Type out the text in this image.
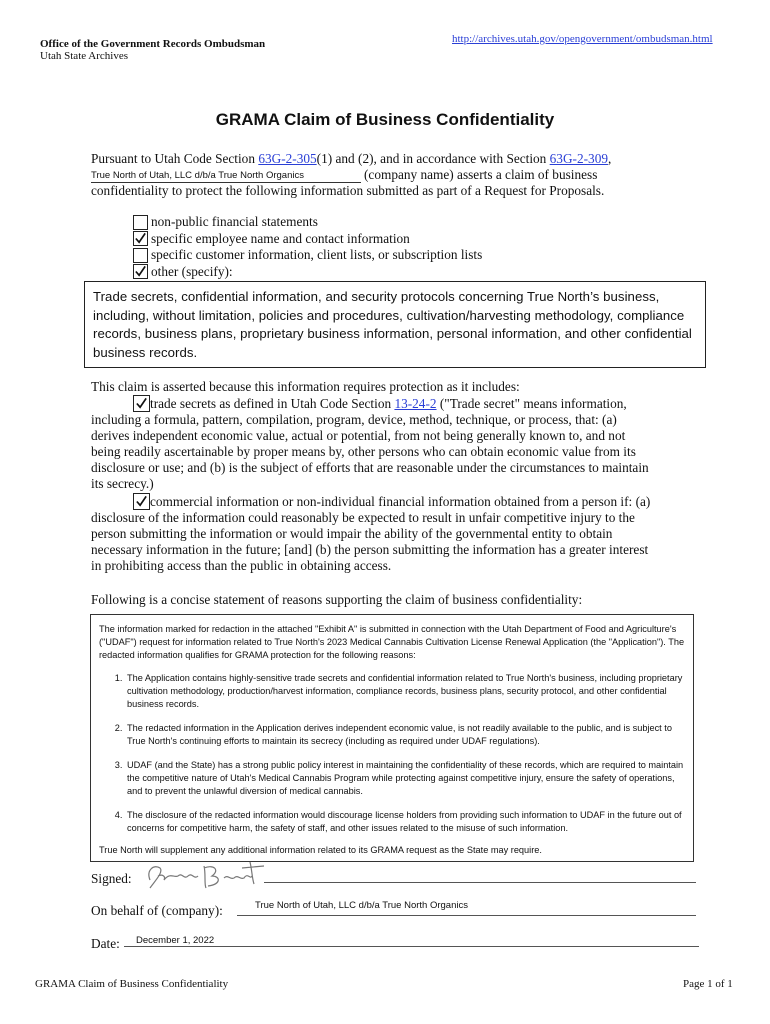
Office of the Government Records Ombudsman
Utah State Archives
http://archives.utah.gov/opengovernment/ombudsman.html
GRAMA Claim of Business Confidentiality
Pursuant to Utah Code Section 63G-2-305(1) and (2), and in accordance with Section 63G-2-309,
True North of Utah, LLC d/b/a True North Organics	(company name) asserts a claim of business
confidentiality to protect the following information submitted as part of a Request for Proposals.
non-public financial statements
specific employee name and contact information
specific customer information, client lists, or subscription lists
other (specify):
Trade secrets, confidential information, and security protocols concerning True North’s business, including, without limitation, policies and procedures, cultivation/harvesting methodology, compliance records, business plans, proprietary business information, personal information, and other confidential business records.
This claim is asserted because this information requires protection as it includes:
trade secrets as defined in Utah Code Section 13-24-2 ("Trade secret" means information,
including a formula, pattern, compilation, program, device, method, technique, or process, that: (a)
derives independent economic value, actual or potential, from not being generally known to, and not
being readily ascertainable by proper means by, other persons who can obtain economic value from its
disclosure or use; and (b) is the subject of efforts that are reasonable under the circumstances to maintain
its secrecy.)
commercial information or non-individual financial information obtained from a person if: (a)
disclosure of the information could reasonably be expected to result in unfair competitive injury to the
person submitting the information or would impair the ability of the governmental entity to obtain
necessary information in the future; [and] (b) the person submitting the information has a greater interest
in prohibiting access than the public in obtaining access.
Following is a concise statement of reasons supporting the claim of business confidentiality:

The information marked for redaction in the attached "Exhibit A" is submitted in connection with the Utah Department of Food and Agriculture's ("UDAF") request for information related to True North's 2023 Medical Cannabis Cultivation License Renewal Application (the "Application"). The redacted information qualifies for GRAMA protection for the following reasons:

1. The Application contains highly-sensitive trade secrets and confidential information related to True North's business, including proprietary cultivation methodology, production/harvest information, compliance records, business plans, security protocol, and other confidential business records.
2. The redacted information in the Application derives independent economic value, is not readily available to the public, and is subject to True North's continuing efforts to maintain its secrecy (including as required under UDAF regulations).
3. UDAF (and the State) has a strong public policy interest in maintaining the confidentiality of these records, which are required to maintain the competitive nature of Utah's Medical Cannabis Program while protecting against competitive injury, ensure the safety of operations, and to prevent the unlawful diversion of medical cannabis.
4. The disclosure of the redacted information would discourage license holders from providing such information to UDAF in the future out of concerns for competitive harm, the safety of staff, and other issues related to the misuse of such information.

True North will supplement any additional information related to its GRAMA request as the State may require.

Signed:
On behalf of (company):	True North of Utah, LLC d/b/a True North Organics
Date: December 1, 2022
GRAMA Claim of Business Confidentiality	Page 1 of 1
